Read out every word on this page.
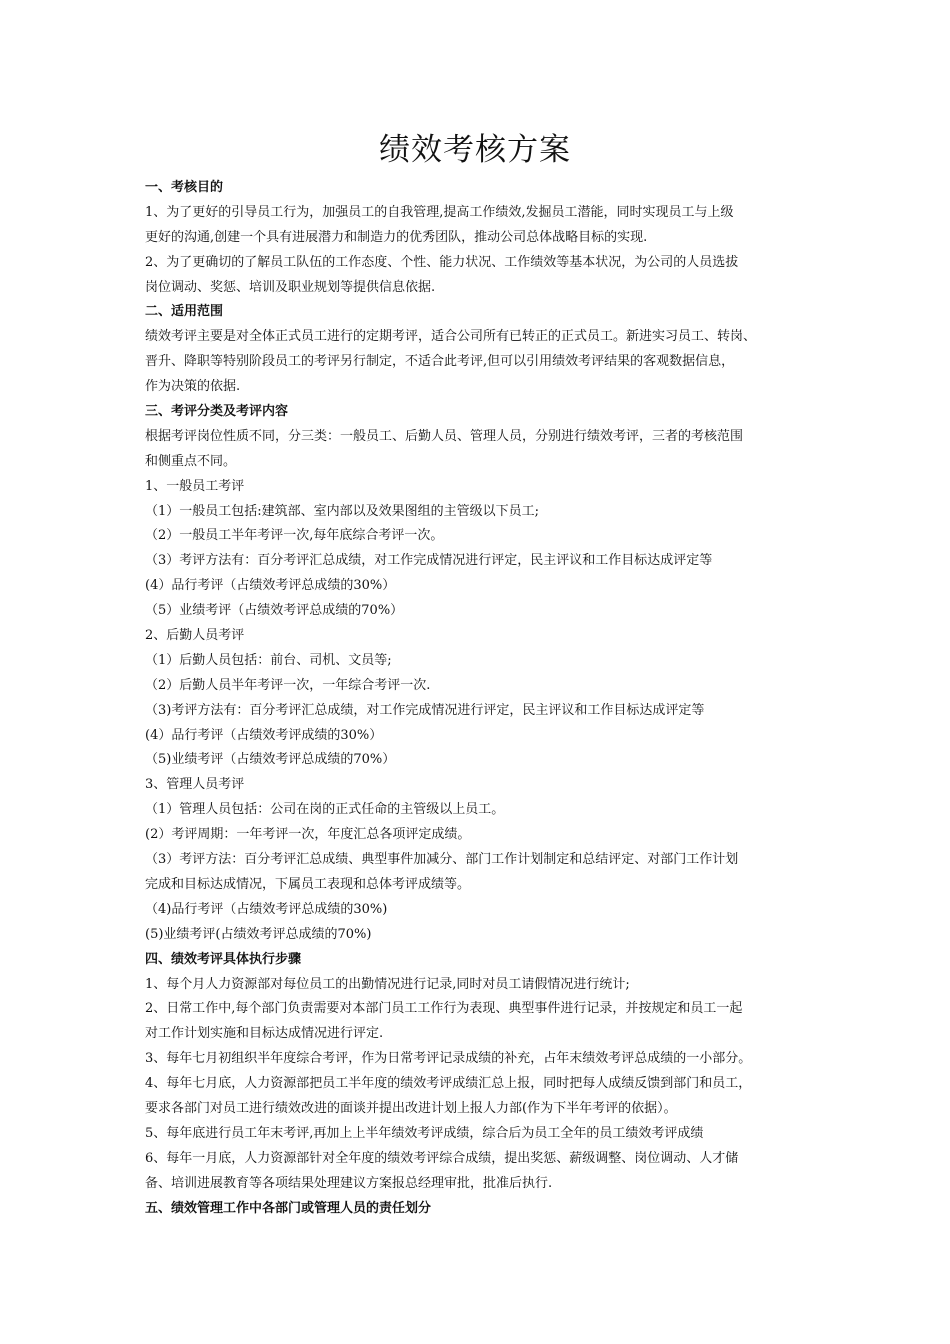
绩效考核方案
一、考核目的
1、为了更好的引导员工行为，加强员工的自我管理,提高工作绩效,发掘员工潜能，同时实现员工与上级
更好的沟通,创建一个具有进展潜力和制造力的优秀团队，推动公司总体战略目标的实现.
2、为了更确切的了解员工队伍的工作态度、个性、能力状况、工作绩效等基本状况，为公司的人员选拔
岗位调动、奖惩、培训及职业规划等提供信息依据.
二、适用范围
绩效考评主要是对全体正式员工进行的定期考评，适合公司所有已转正的正式员工。新进实习员工、转岗、
晋升、降职等特别阶段员工的考评另行制定，不适合此考评,但可以引用绩效考评结果的客观数据信息，
作为决策的依据.
三、考评分类及考评内容
根据考评岗位性质不同，分三类：一般员工、后勤人员、管理人员，分别进行绩效考评，三者的考核范围
和侧重点不同。
1、一般员工考评
（1）一般员工包括:建筑部、室内部以及效果图组的主管级以下员工;
（2）一般员工半年考评一次,每年底综合考评一次。
（3）考评方法有：百分考评汇总成绩，对工作完成情况进行评定，民主评议和工作目标达成评定等
(4）品行考评（占绩效考评总成绩的30%）
（5）业绩考评（占绩效考评总成绩的70%）
2、后勤人员考评
（1）后勤人员包括：前台、司机、文员等;
（2）后勤人员半年考评一次，一年综合考评一次.
（3)考评方法有：百分考评汇总成绩，对工作完成情况进行评定，民主评议和工作目标达成评定等
(4）品行考评（占绩效考评成绩的30%）
（5)业绩考评（占绩效考评总成绩的70%）
3、管理人员考评
（1）管理人员包括：公司在岗的正式任命的主管级以上员工。
(2）考评周期：一年考评一次，年度汇总各项评定成绩。
（3）考评方法：百分考评汇总成绩、典型事件加减分、部门工作计划制定和总结评定、对部门工作计划
完成和目标达成情况，下属员工表现和总体考评成绩等。
（4)品行考评（占绩效考评总成绩的30%)
(5)业绩考评(占绩效考评总成绩的70%)
四、绩效考评具体执行步骤
1、每个月人力资源部对每位员工的出勤情况进行记录,同时对员工请假情况进行统计;
2、日常工作中,每个部门负责需要对本部门员工工作行为表现、典型事件进行记录，并按规定和员工一起
对工作计划实施和目标达成情况进行评定.
3、每年七月初组织半年度综合考评，作为日常考评记录成绩的补充，占年末绩效考评总成绩的一小部分。
4、每年七月底，人力资源部把员工半年度的绩效考评成绩汇总上报，同时把每人成绩反馈到部门和员工，
要求各部门对员工进行绩效改进的面谈并提出改进计划上报人力部(作为下半年考评的依据）。
5、每年底进行员工年末考评,再加上上半年绩效考评成绩，综合后为员工全年的员工绩效考评成绩
6、每年一月底，人力资源部针对全年度的绩效考评综合成绩，提出奖惩、薪级调整、岗位调动、人才储
备、培训进展教育等各项结果处理建议方案报总经理审批，批准后执行.
五、绩效管理工作中各部门或管理人员的责任划分
